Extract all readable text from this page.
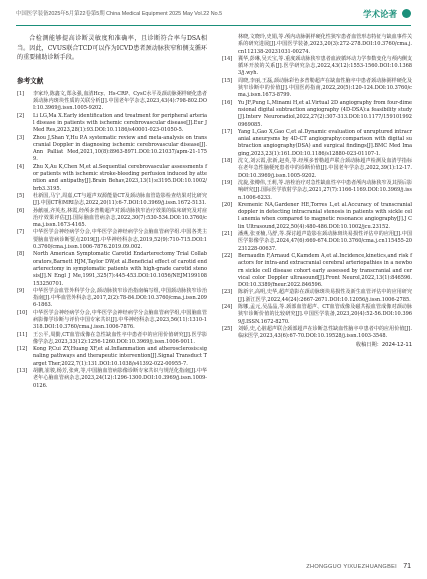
中国医学装备2025年5月第22卷第5期 China Medical Equipment 2025 May Vol.22 No.5	学术论著

合检测能够提高诊断灵敏度和准确率，且诊断符合率与DSA相当。因此，CVUS联合TCD可以作为ICVD患者颈动脉狭窄和侧支循环的重要辅助诊断手段。

参考文献
[1]	李家玲,陈鑫文,郑永强,血清Hcy、Hs-CRP、CysC水平及颈动脉粥样硬化患者颈动脉内斑块性质的关联分析[J].中国老年学杂志,2023,43(4):798-802.DOI:10.3969/j.issn.1005-9202.
[2]	Li LG,Ma X.Early identification and treatment for peripheral arterial disease in patients with ischemic cerebrovascular disease[J].Eur J Med Res,2023,28(1):93.DOI:10.1186/s40001-023-01050-5.
[3]	Zhou J,Shan Y,Hu P.A systematic review and meta-analysis on transcranial Doppler in diagnosing ischemic cerebrovascular disease[J].Ann Palliat Med,2021,10(8):8963-8971.DOI:10.21037/apm-21-1759.
[4]	Zhu X,Au K,Chen M,et al.Sequential cerebrovascular assessments for patients with ischemic stroke-bleeding perfusion induced by attention and antipathy[J].Brain Behav,2023,13(1):e3195.DOI:10.1002/brb3.3195.
[5]	杜新国,马宁,周嘉,CT与超声双源能量CT及颈动脉血管造影检查结果对比研究[J].中国CT和MRI杂志,2022,20(11):6-7.DOI:10.3969/j.issn.1672-5131.
[6]	孙献丽,齐英杰,林霞,经颅多普勒超声对颈动脉狭窄治疗效果的临床研究及对症治疗效果评估[J].国际脑血管病杂志,2022,30(7):530-534.DOI:10.3760/cma.j.issn.1673-4165.
[7]	中华医学会神经病学分会,中华医学会神经病学分会脑血管病学组.中国各类主要脑血管病诊断要点2019[J].中华神经科杂志,2019,52(9):710-715.DOI:10.3760/cma.j.issn.1006-7876.2019.09.002.
[8]	North American Symptomatic Carotid Endarterectomy Trial Collaborators,Barnett HJM,Taylor DW,et al.Beneficial effect of carotid endarterectomy in symptomatic patients with high-grade carotid stenosis[J].N Engl J Me,1991,325(7):445-453.DOI:10.1056/NEJM199108153250701.
[9]	中华医学会血管外科学分会,颈动脉狭窄诊治指南编写组,中国颈动脉狭窄诊治指南[J].中华血管外科杂志,2017,2(2):78-84.DOI:10.3760/cma.j.issn.2096-1863.
[10]	中华医学会神经病学分会,中华医学会神经病学分会脑血管病学组,中国脑血管病影像学诊断与评价中国专家共识[J].中华神经科杂志,2023,56(11):1310-1318.DOI:10.3760/cma.j.issn.1006-7876.
[11]	王公平,周勤,CT血管成像在急性缺血性卒中患者中的应用价值研究[J].医学影像学杂志,2023,33(12):1256-1260.DOI:10.3969/j.issn.1006-9011.
[12]	Kong P,Cui ZY,Huang XF,et al.Inflammation and atherosclerosis:signaling pathways and therapeutic intervention[J].Signal Transduct Target Ther,2022,7(1):131.DOI:10.1038/s41392-022-00955-7.
[13]	胡鹏,崔骏,杨芳,张爽,等,中国脑血管病影像诊断专家共识与规范化指南[J].中华老年心脑血管病杂志,2023,24(12):1296-1300.DOI:10.3969/j.issn.1009-0126.
林晓,文晓玲,史娟,等.颅内动脉粥样硬化性狭窄患者血管形态特征与缺血事件关系的研究进展[J].中国医学装备,2023,20(3):272-278.DOI:10.3760/cma.j.cn112138-20231031-00274.
[14]	冀华,彭琳,吴天宝,等.重度颈动脉狭窄患者血液循环动力学参数变化与颅内侧支循环开放的关系[J].医学研究杂志,2022,43(12):1553-1560.DOI:10.13683/j.wyh.
[15]	周晓,李丽,王磊,颈动脉彩色多普勒超声在缺血性脑卒中患者颈动脉粥样硬化及狭窄诊断中的价值[J].中国医药指南,2022,20(5):120-124.DOI:10.3760/cma.j.issn.1673-8799.
[16]	Yu JF,Pung L,Minami H,et al.Virtual 2D angiography from four-dimensional digital subtraction angiography (4D-DSA):a feasibility study[J].Interv Neuroradiol,2022,27(2):307-313.DOI:10.1177/1591019920969085.
[17]	Yang L,Gao X,Gao C,et al.Dynamic evaluation of unruptured intracranial aneurysms by 4D-CT angiography:comparison with digital subtraction angiography(DSA) and surgical findings[J].BMC Med Imaging,2023,23(1):161.DOI:10.1186/s12880-023-01107-1.
[18]	沈文,刘云霞,张新,赵英,等.经颅多普勒超声联合颈动脉超声检测及血清学指标在老年急性脑梗死患者中的诊断价值[J].中国老年学杂志,2022,39(1):12-17.DOI:10.3969/j.issn.1005-9202.
[19]	沈旋,张樽伟,王莉,等.溶栓治疗对急性缺血性卒中患者颅内动脉狭窄及其预后影响研究[J].国际医学放射学杂志,2021,27(7):1166-1169.DOI:10.3969/j.issn.1006-6233.
[20]	Kremenic NA,Gardener HE,Torres L,et al.Accuracy of transcranial doppler in detecting intracranial stenosis in patients with sickle cell anemia when compared to magnetic resonance angiography[J].J Clin Ultrasound,2022,50(4):480-486.DOI:10.1002/jcu.23152.
[21]	潘燕,张亚楠,马舒,等.探讨超声造影在颈动脉斑块易损性评估中的应用[J].中国医学影像学杂志,2024,47(6):669-674.DOI:10.3760/cma.j.cn115455-20231228-00637.
[22]	Bernaudin F,Arnaud C,Kamdem A,et al.Incidence,kinetics,and risk factors for intra-and extracranial cerebral arteriopathies in a newborn sickle cell disease cohort early assessed by transcranial and cervical color Doppler ultrasound[J].Front Neurol,2022,13(1):846596.DOI:10.3389/fneur.2022.846596.
[23]	陈新宇,高明,史华,超声造影在颈动脉斑块易损性及新生血管评估中的应用研究[J].浙江医学,2022,44(24):2667-2671.DOI:10.12056/j.issn.1006-2785.
[24]	陈娜,孟元,吴晶晶,等.颈部血管超声、CT血管成像及磁共振血管成像对颈动脉狭窄诊断价值的比较研究[J].中国医学装备,2023,20(4):52-56.DOI:10.3969/J.ISSN.1672-8270.
[25]	刘娇,史,心脏超声联合颈部超声在诊断急性缺血性脑卒中患者中的应用价值[J].临床医学,2023,43(6):67-70.DOI:10.19528/j.issn.1003-3548.
收稿日期：2024-12-11
ZHONGGUO YIXUEZHUANGBEI 71
